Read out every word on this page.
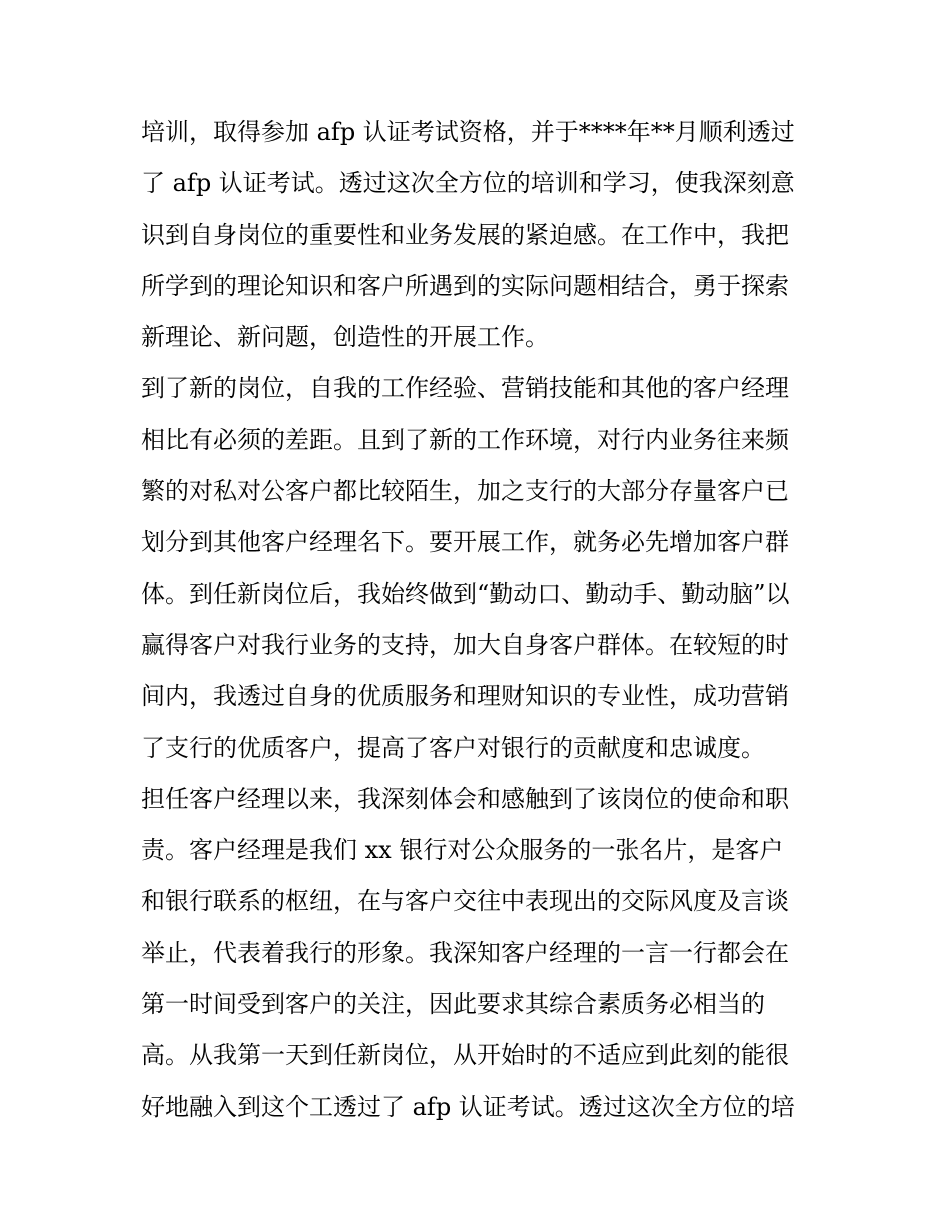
培训，取得参加 afp 认证考试资格，并于****年**月顺利透过
了 afp 认证考试。透过这次全方位的培训和学习，使我深刻意
识到自身岗位的重要性和业务发展的紧迫感。在工作中，我把
所学到的理论知识和客户所遇到的实际问题相结合，勇于探索
新理论、新问题，创造性的开展工作。
到了新的岗位，自我的工作经验、营销技能和其他的客户经理
相比有必须的差距。且到了新的工作环境，对行内业务往来频
繁的对私对公客户都比较陌生，加之支行的大部分存量客户已
划分到其他客户经理名下。要开展工作，就务必先增加客户群
体。到任新岗位后，我始终做到“勤动口、勤动手、勤动脑”以
赢得客户对我行业务的支持，加大自身客户群体。在较短的时
间内，我透过自身的优质服务和理财知识的专业性，成功营销
了支行的优质客户，提高了客户对银行的贡献度和忠诚度。
担任客户经理以来，我深刻体会和感触到了该岗位的使命和职
责。客户经理是我们 xx 银行对公众服务的一张名片，是客户
和银行联系的枢纽，在与客户交往中表现出的交际风度及言谈
举止，代表着我行的形象。我深知客户经理的一言一行都会在
第一时间受到客户的关注，因此要求其综合素质务必相当的
高。从我第一天到任新岗位，从开始时的不适应到此刻的能很
好地融入到这个工透过了 afp 认证考试。透过这次全方位的培
